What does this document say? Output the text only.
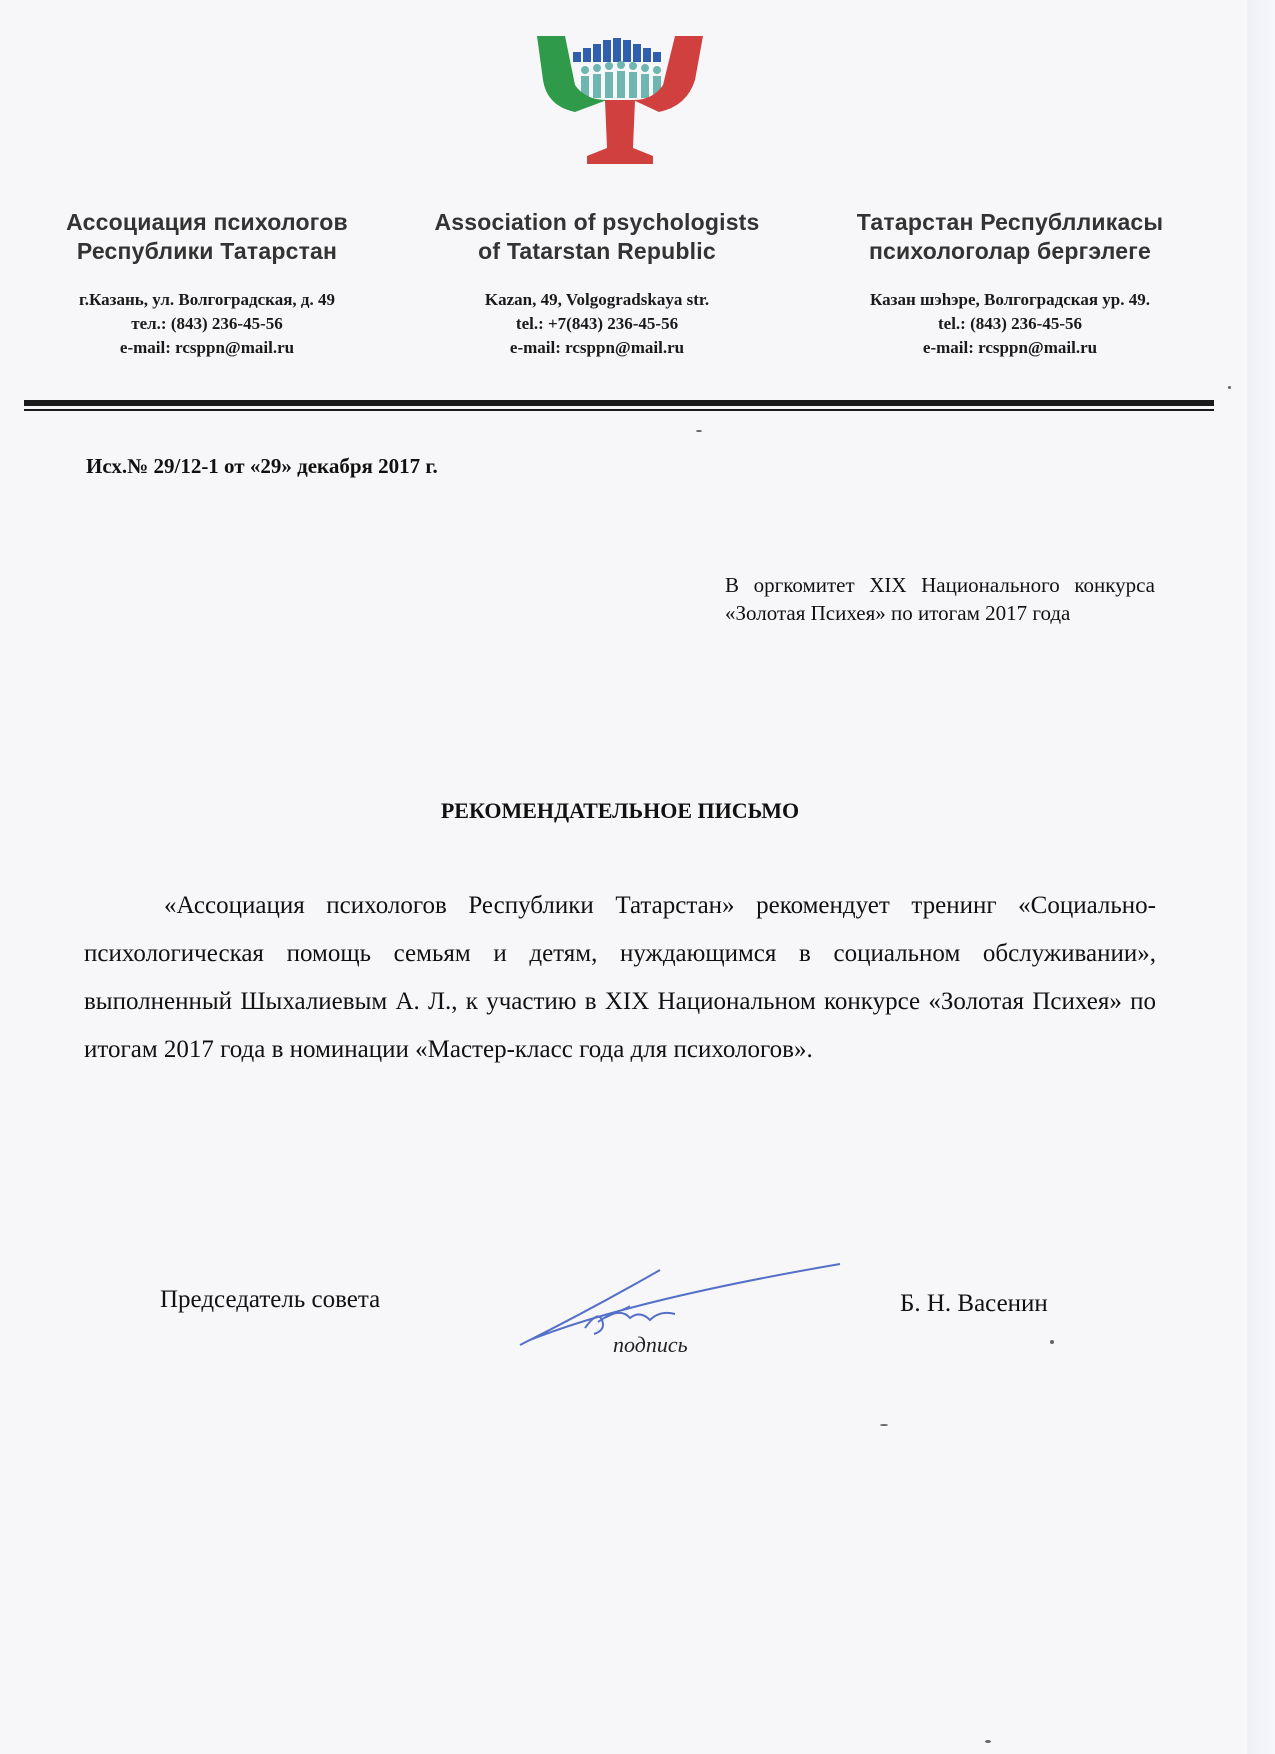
Ассоциация психологов
Республики Татарстан
г.Казань, ул. Волгоградская, д. 49
тел.: (843) 236-45-56
e-mail: rcsppn@mail.ru
Association of psychologists
of Tatarstan Republic
Kazan, 49, Volgogradskaya str.
tel.: +7(843) 236-45-56
e-mail: rcsppn@mail.ru
Татарстан Республликасы
психологолар бергэлеге
Казан шэhэре, Волгоградская ур. 49.
tel.: (843) 236-45-56
e-mail: rcsppn@mail.ru
Исх.№ 29/12-1 от «29» декабря 2017 г.
В оргкомитет XIX Национального конкурса «Золотая Психея» по итогам 2017 года
РЕКОМЕНДАТЕЛЬНОЕ ПИСЬМО
«Ассоциация психологов Республики Татарстан» рекомендует тренинг «Социально-психологическая помощь семьям и детям, нуждающимся в социальном обслуживании», выполненный Шыхалиевым А. Л., к участию в XIX Национальном конкурсе «Золотая Психея» по итогам 2017 года в номинации «Мастер-класс года для психологов».
Председатель совета
подпись
Б. Н. Васенин
